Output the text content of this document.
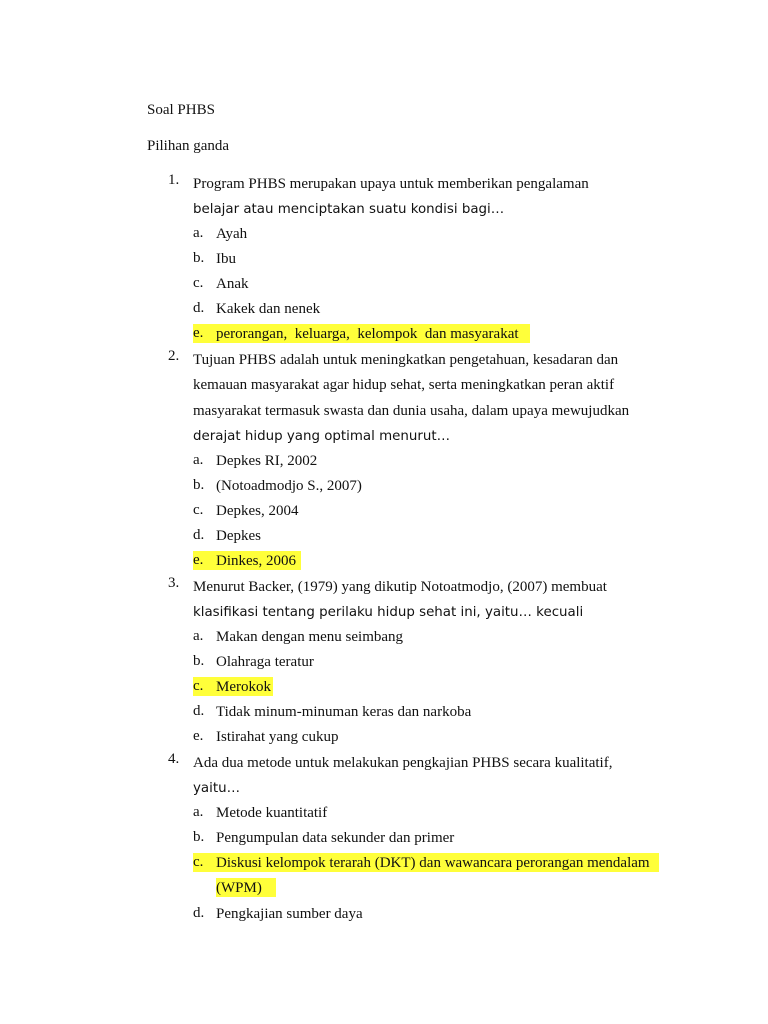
Soal PHBS
Pilihan ganda
1. Program PHBS merupakan upaya untuk memberikan pengalaman
belajar atau menciptakan suatu kondisi bagi…
a. Ayah
b. Ibu
c. Anak
d. Kakek dan nenek
e. perorangan,  keluarga,  kelompok  dan masyarakat
2. Tujuan PHBS adalah untuk meningkatkan pengetahuan, kesadaran dan
kemauan masyarakat agar hidup sehat, serta meningkatkan peran aktif
masyarakat termasuk swasta dan dunia usaha, dalam upaya mewujudkan
derajat hidup yang optimal menurut…
a. Depkes RI, 2002
b. (Notoadmodjo S., 2007)
c. Depkes, 2004
d. Depkes
e. Dinkes, 2006
3. Menurut Backer, (1979) yang dikutip Notoatmodjo, (2007) membuat
klasifikasi tentang perilaku hidup sehat ini, yaitu… kecuali
a. Makan dengan menu seimbang
b. Olahraga teratur
c. Merokok
d. Tidak minum-minuman keras dan narkoba
e. Istirahat yang cukup
4. Ada dua metode untuk melakukan pengkajian PHBS secara kualitatif,
yaitu…
a. Metode kuantitatif
b. Pengumpulan data sekunder dan primer
c. Diskusi kelompok terarah (DKT) dan wawancara perorangan mendalam
(WPM)
d. Pengkajian sumber daya
